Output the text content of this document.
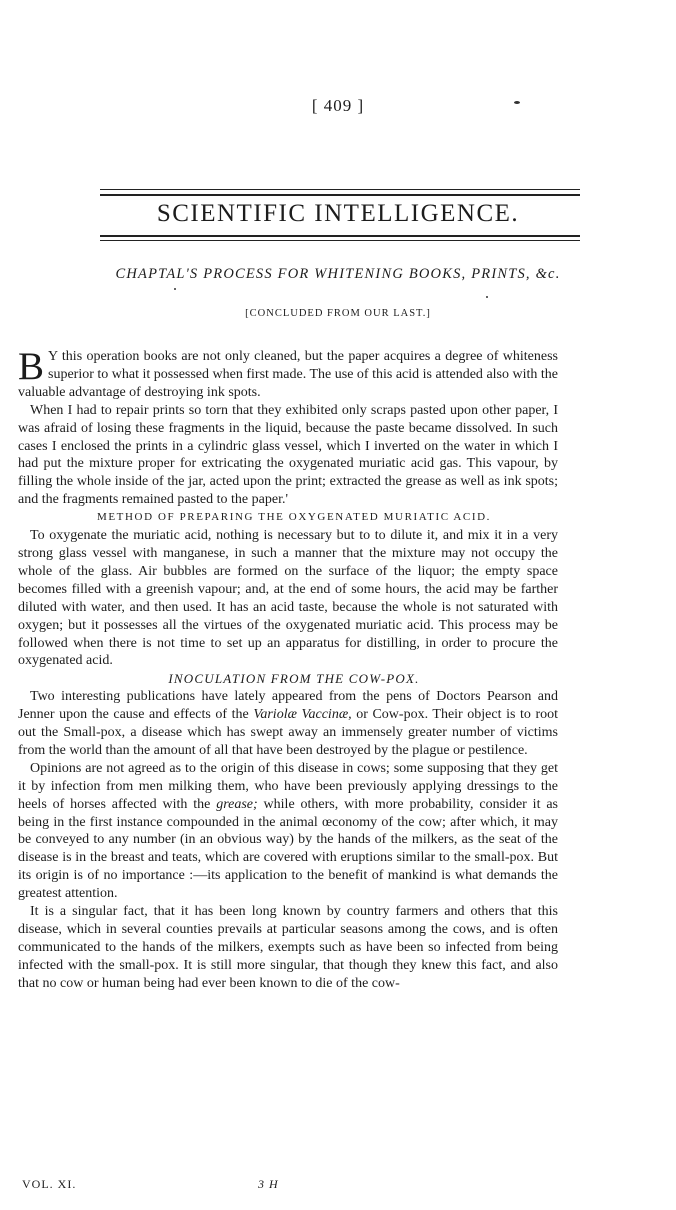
[ 409 ]
SCIENTIFIC INTELLIGENCE.
CHAPTAL'S PROCESS FOR WHITENING BOOKS, PRINTS, &c.
[CONCLUDED FROM OUR LAST.]

B Y this operation books are not only cleaned, but the paper acquires a degree of whiteness superior to what it possessed when first made. The use of this acid is attended also with the valuable advantage of destroying ink spots.

When I had to repair prints so torn that they exhibited only scraps pasted upon other paper, I was afraid of losing these fragments in the liquid, because the paste became dissolved. In such cases I enclosed the prints in a cylindric glass vessel, which I inverted on the water in which I had put the mixture proper for extricating the oxygenated muriatic acid gas. This vapour, by filling the whole inside of the jar, acted upon the print; extracted the grease as well as ink spots; and the fragments remained pasted to the paper.'

METHOD OF PREPARING THE OXYGENATED MURIATIC ACID.

To oxygenate the muriatic acid, nothing is necessary but to to dilute it, and mix it in a very strong glass vessel with manganese, in such a manner that the mixture may not occupy the whole of the glass. Air bubbles are formed on the surface of the liquor; the empty space becomes filled with a greenish vapour; and, at the end of some hours, the acid may be farther diluted with water, and then used. It has an acid taste, because the whole is not saturated with oxygen; but it possesses all the virtues of the oxygenated muriatic acid. This process may be followed when there is not time to set up an apparatus for distilling, in order to procure the oxygenated acid.

INOCULATION FROM THE COW-POX.

Two interesting publications have lately appeared from the pens of Doctors Pearson and Jenner upon the cause and effects of the Variolæ Vaccinæ, or Cow-pox. Their object is to root out the Small-pox, a disease which has swept away an immensely greater number of victims from the world than the amount of all that have been destroyed by the plague or pestilence.

Opinions are not agreed as to the origin of this disease in cows; some supposing that they get it by infection from men milking them, who have been previously applying dressings to the heels of horses affected with the grease; while others, with more probability, consider it as being in the first instance compounded in the animal œconomy of the cow; after which, it may be conveyed to any number (in an obvious way) by the hands of the milkers, as the seat of the disease is in the breast and teats, which are covered with eruptions similar to the small-pox. But its origin is of no importance :—its application to the benefit of mankind is what demands the greatest attention.

It is a singular fact, that it has been long known by country farmers and others that this disease, which in several counties prevails at particular seasons among the cows, and is often communicated to the hands of the milkers, exempts such as have been so infected from being infected with the small-pox. It is still more singular, that though they knew this fact, and also that no cow or human being had ever been known to die of the cow-

VOL. XI.	3 H
